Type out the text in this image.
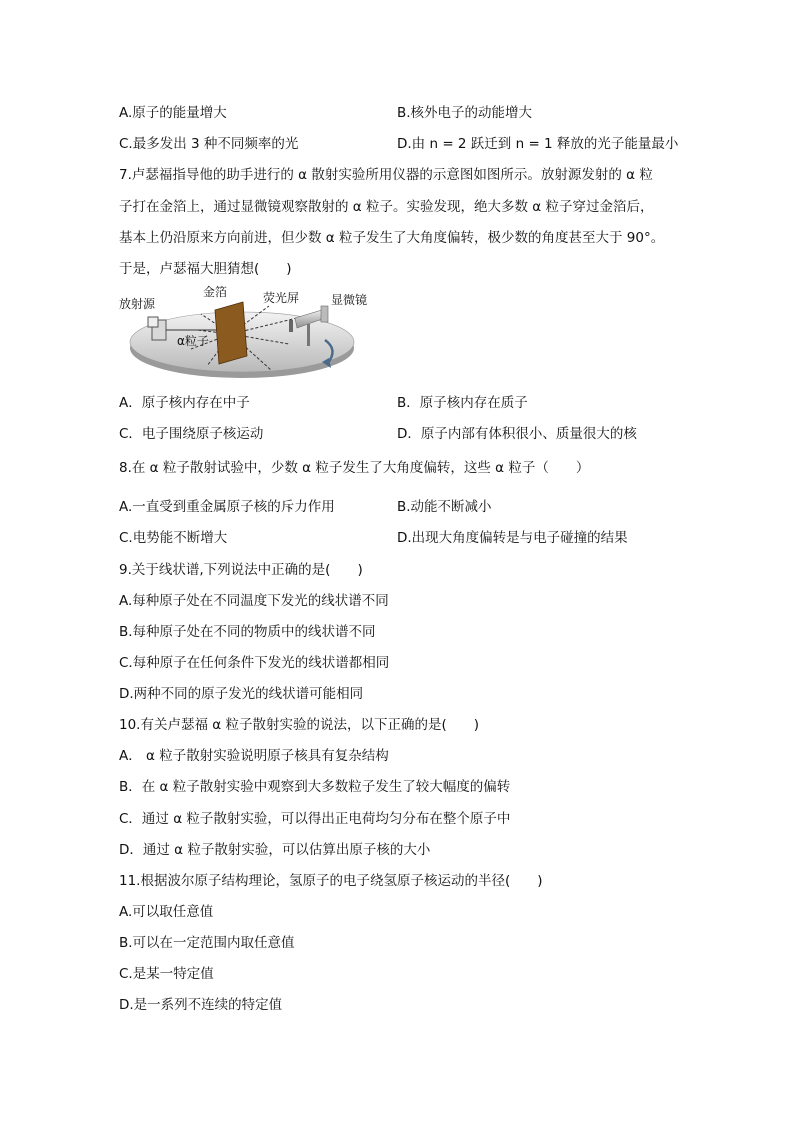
A.原子的能量增大	B.核外电子的动能增大
C.最多发出 3 种不同频率的光	D.由 n = 2 跃迁到 n = 1 释放的光子能量最小
7.卢瑟福指导他的助手进行的 α 散射实验所用仪器的示意图如图所示。放射源发射的 α 粒
子打在金箔上，通过显微镜观察散射的 α 粒子。实验发现，绝大多数 α 粒子穿过金箔后，
基本上仍沿原来方向前进，但少数 α 粒子发生了大角度偏转，极少数的角度甚至大于 90°。
于是，卢瑟福大胆猜想(　　)
放射源
金箔	荧光屏	显微镜
α粒子
A．原子核内存在中子	B．原子核内存在质子
C．电子围绕原子核运动	D．原子内部有体积很小、质量很大的核
8.在 α 粒子散射试验中，少数 α 粒子发生了大角度偏转，这些 α 粒子（　　）
A.一直受到重金属原子核的斥力作用	B.动能不断减小
C.电势能不断增大	D.出现大角度偏转是与电子碰撞的结果
9.关于线状谱,下列说法中正确的是(　　)
A.每种原子处在不同温度下发光的线状谱不同
B.每种原子处在不同的物质中的线状谱不同
C.每种原子在任何条件下发光的线状谱都相同
D.两种不同的原子发光的线状谱可能相同
10.有关卢瑟福 α 粒子散射实验的说法，以下正确的是(　　)
A． α 粒子散射实验说明原子核具有复杂结构
B．在 α 粒子散射实验中观察到大多数粒子发生了较大幅度的偏转
C．通过 α 粒子散射实验，可以得出正电荷均匀分布在整个原子中
D．通过 α 粒子散射实验，可以估算出原子核的大小
11.根据波尔原子结构理论，氢原子的电子绕氢原子核运动的半径(　　)
A.可以取任意值
B.可以在一定范围内取任意值
C.是某一特定值
D.是一系列不连续的特定值
